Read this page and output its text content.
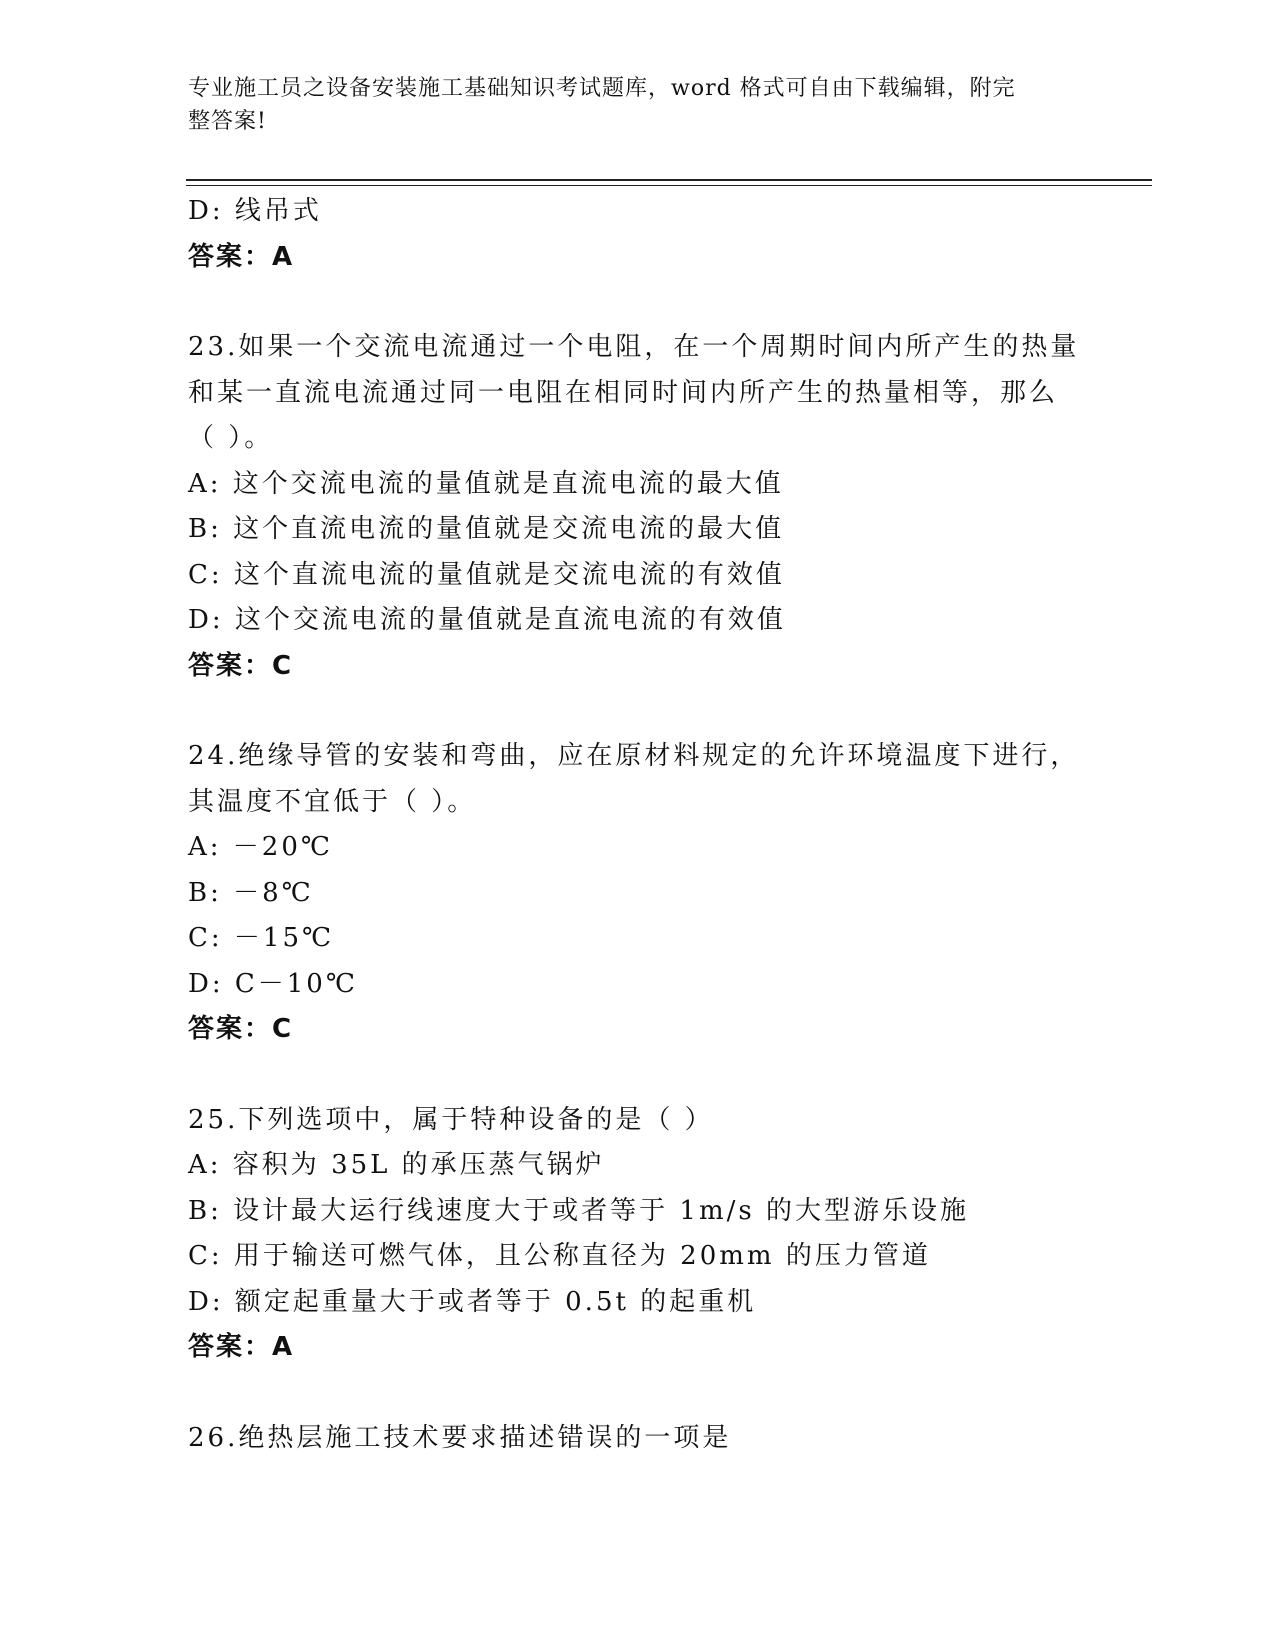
专业施工员之设备安装施工基础知识考试题库，word 格式可自由下载编辑，附完
整答案!
D: 线吊式
答案：A
23.如果一个交流电流通过一个电阻，在一个周期时间内所产生的热量
和某一直流电流通过同一电阻在相同时间内所产生的热量相等，那么
（ ）。
A: 这个交流电流的量值就是直流电流的最大值
B: 这个直流电流的量值就是交流电流的最大值
C: 这个直流电流的量值就是交流电流的有效值
D: 这个交流电流的量值就是直流电流的有效值
答案：C
24.绝缘导管的安装和弯曲，应在原材料规定的允许环境温度下进行，
其温度不宜低于（ ）。
A: －20℃
B: －8℃
C: －15℃
D: C－10℃
答案：C
25.下列选项中，属于特种设备的是（ ）
A: 容积为 35L 的承压蒸气锅炉
B: 设计最大运行线速度大于或者等于 1m/s 的大型游乐设施
C: 用于输送可燃气体，且公称直径为 20mm 的压力管道
D: 额定起重量大于或者等于 0.5t 的起重机
答案：A
26.绝热层施工技术要求描述错误的一项是
